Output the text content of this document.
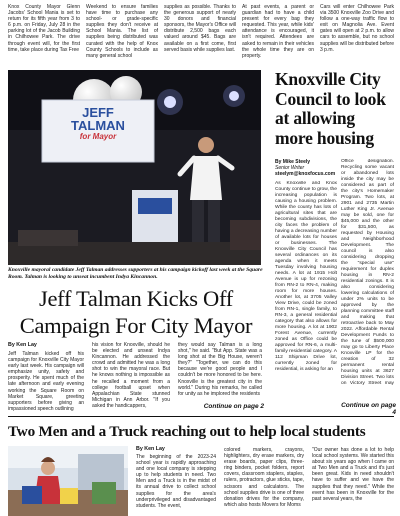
Knox County Mayor Glenn Jacobs' School Mania is set to return for its fifth year from 3 to 6 p.m. on Friday, July 28 in the parking lot of the Jacob Building in Chilhowee Park. The drive through event will, for the first time, take place during Tax Free
Weekend to ensure families have time to purchase any school- or grade-specific supplies they don't receive at School Mania. The list of supplies being distributed was curated with the help of Knox County Schools to include as many general school
supplies as possible. Thanks to the generous support of nearly 30 donors and financial sponsors, the Mayor's Office will distribute 2,500 bags each valued around $45. Bags are available on a first come, first served basis while supplies last.
At past events, a parent or guardian had to have a child present for every bag they requested. This year, while kids' attendance is encouraged, it isn't required. Attendees are asked to remain in their vehicles the whole time they are on property.
Cars will enter Chilhowee Park via 3500 Knoxville Zoo Drive and follow a one-way traffic flow to exit on Magnolia Ave. Event gates will open at 2 p.m. to allow cars to assemble, but no school supplies will be distributed before 3 p.m.
JEFF
TALMAN
for Mayor
Knoxville mayoral candidate Jeff Talman addresses supporters at his campaign kickoff last week at the Square Room. Talman is looking to unseat incumbent Indya Kincannon.
Knoxville City Council to look at allowing more housing
By Mike Steely
Senior Writer
steelym@knoxfocus.com
As Knoxville and Knox County continue to grow, the increasing population is causing a housing problem. While the county has lots of agricultural sites that are becoming subdivisions, the city faces the problem of having a decreasing number of available lots for houses or businesses. The Knoxville City Council has several ordinances on its agenda when it meets Tuesday involving housing needs. A lot at 1915 Holt Avenue is up for rezoning from RN-2 to RN-4, making room for more houses. Another lot, at 3705 Valley View Drive, could be zoned from RN-1, single family, to RN-3, a general residential category that also allows for more housing. A lot at 1902 Forest Avenue, currently zoned as Office could be approved for RN-6, a multi-family residential category. A 112 Shipman Drive lot, currently zoned for residential, is asking for an
Office designation. Recycling some vacant or abandoned lots inside the city may be considered as part of the city's Homemaker Program. Two lots, at 2901 and 2735 Martin Luther King Jr. Avenue may be sold, one for $45,000 and the other for $31,500, as requested by Housing and Neighborhood Development. The council is also considering dropping the "special use" requirement for duplex housing in RN-2 residential zonings. It is also considering lowering calculations of under 2% units to be approved by the planning committee staff and making that retroactive back to May 2022. Affordable Rental Development Funds to the tune of $500,000 may go to Liberty Place Knoxville LP for the creation of 32 permanent rental housing units at 3627 Division Street. Two lots on Victory Street may
Continue on page 4
Jeff Talman Kicks Off Campaign For City Mayor
By Ken Lay
Jeff Talman kicked off his campaign for Knoxville City Mayor early last week. His campaign will emphasize unity, safety and prosperity. He spent much of the late afternoon and early evening working the Square Room on Market Square, greeting supporters before giving an impassioned speech outlining
his vision for Knoxville, should he be elected and unseat Indya Kincannon. He addressed the crowd and admitted he was a long shot to win the mayoral race. But he knows nothing is impossible as he recalled a moment from a college football upset when Appalachian State stunned Michigan in Ann Arbor. "If you asked the handicappers,
they would say Talman is a long shot," he said. "But App. State was a long shot at the Big House, weren't they?" "Together, we can do this because we're good people and I couldn't be more honored to be here. Knoxville is the greatest city in the world." During his remarks, he called for unity as he implored the residents
Continue on page 2
Two Men and a Truck reaching out to help local students
By Ken Lay
The beginning of the 2023-24 school year is rapidly approaching and one local company is stepping up to help students in need. Two Men and a Truck is in the midst of its annual drive to collect school supplies for the area's underprivileged and disadvantaged students. The event,
colored markers, crayons, highlighters, dry erase markers, dry erase boards, paper clips, three-ring binders, pocket folders, report covers, classroom staplers, staples, rulers, protractors, glue sticks, tape, scissors and calculators. The school supplies drive is one of three donation drives for the company, which also hosts Movers for Moms
"Our owner has done a lot to help local school systems. We started this about six years ago when I came on at Two Men and a Truck and it's just been great. Kids in need shouldn't have to suffer and we have the supplies that they need." While the event has been in Knoxville for the past several years, the
